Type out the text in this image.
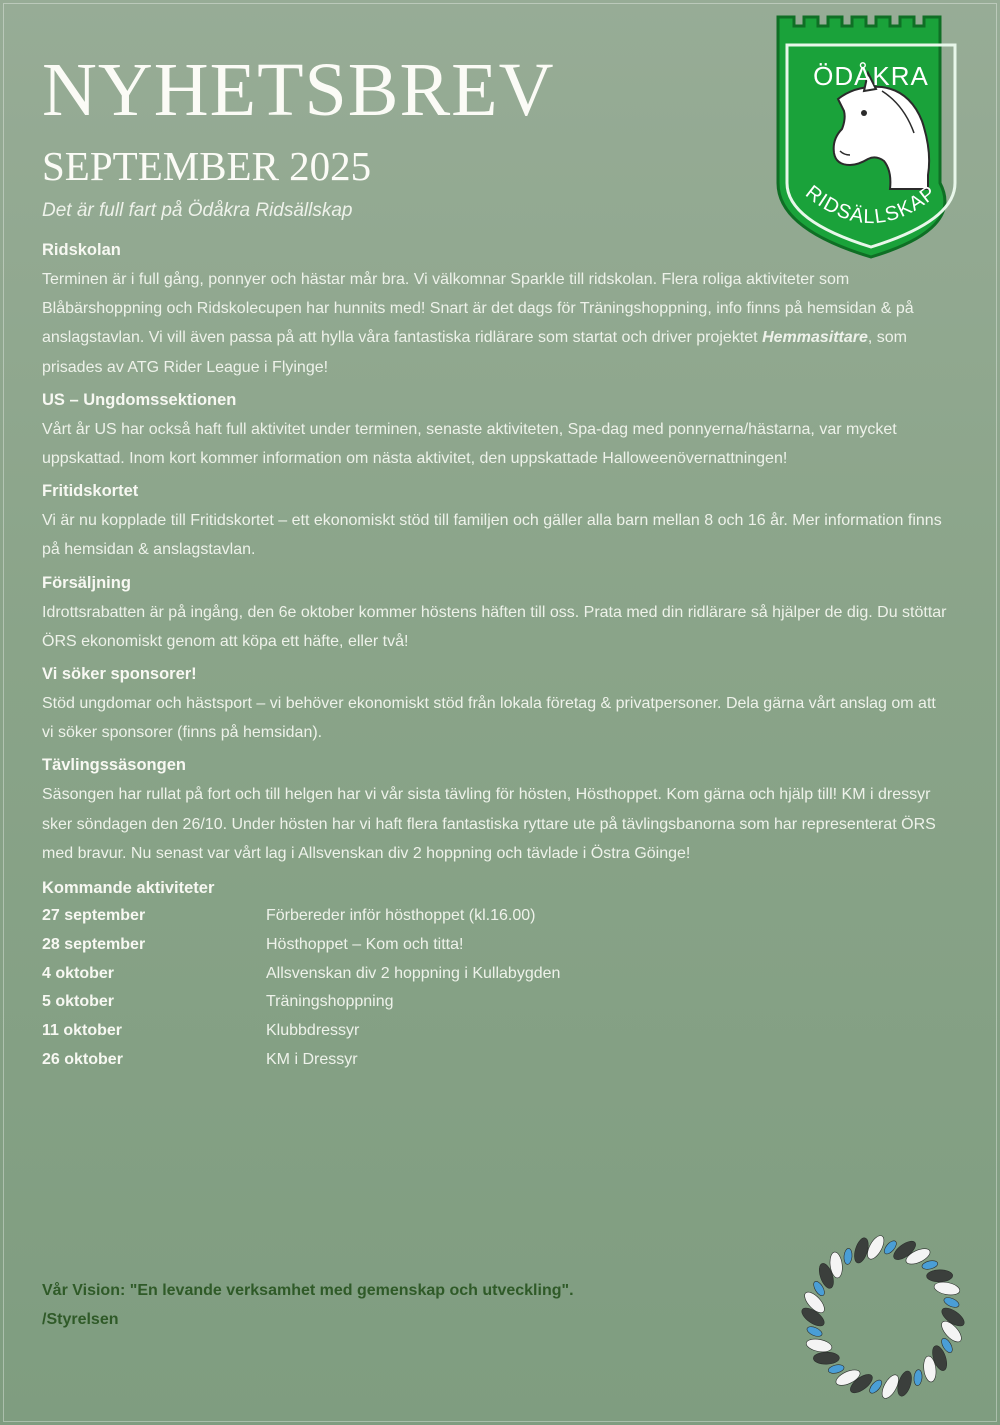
NYHETSBREV
SEPTEMBER 2025
Det är full fart på Ödåkra Ridsällskap
ÖDÅKRA
RIDSÄLLSKAP
Ridskolan

Terminen är i full gång, ponnyer och hästar mår bra. Vi välkomnar Sparkle till ridskolan. Flera roliga aktiviteter som Blåbärshoppning och Ridskolecupen har hunnits med! Snart är det dags för Träningshoppning, info finns på hemsidan & på anslagstavlan. Vi vill även passa på att hylla våra fantastiska ridlärare som startat och driver projektet Hemmasittare, som prisades av ATG Rider League i Flyinge!

US – Ungdomssektionen

Vårt år US har också haft full aktivitet under terminen, senaste aktiviteten, Spa-dag med ponnyerna/hästarna, var mycket uppskattad. Inom kort kommer information om nästa aktivitet, den uppskattade Halloweenövernattningen!

Fritidskortet

Vi är nu kopplade till Fritidskortet – ett ekonomiskt stöd till familjen och gäller alla barn mellan 8 och 16 år. Mer information finns på hemsidan & anslagstavlan.

Försäljning

Idrottsrabatten är på ingång, den 6e oktober kommer höstens häften till oss. Prata med din ridlärare så hjälper de dig. Du stöttar ÖRS ekonomiskt genom att köpa ett häfte, eller två!

Vi söker sponsorer!

Stöd ungdomar och hästsport – vi behöver ekonomiskt stöd från lokala företag & privatpersoner. Dela gärna vårt anslag om att vi söker sponsorer (finns på hemsidan).

Tävlingssäsongen

Säsongen har rullat på fort och till helgen har vi vår sista tävling för hösten, Hösthoppet. Kom gärna och hjälp till! KM i dressyr sker söndagen den 26/10. Under hösten har vi haft flera fantastiska ryttare ute på tävlingsbanorna som har representerat ÖRS med bravur. Nu senast var vårt lag i Allsvenskan div 2 hoppning och tävlade i Östra Göinge!

Kommande aktiviteter
27 september	Förbereder inför hösthoppet (kl.16.00)
28 september	Hösthoppet – Kom och titta!
4 oktober	Allsvenskan div 2 hoppning i Kullabygden
5 oktober	Träningshoppning
11 oktober	Klubbdressyr
26 oktober	KM i Dressyr
Vår Vision: "En levande verksamhet med gemenskap och utveckling".
/Styrelsen
